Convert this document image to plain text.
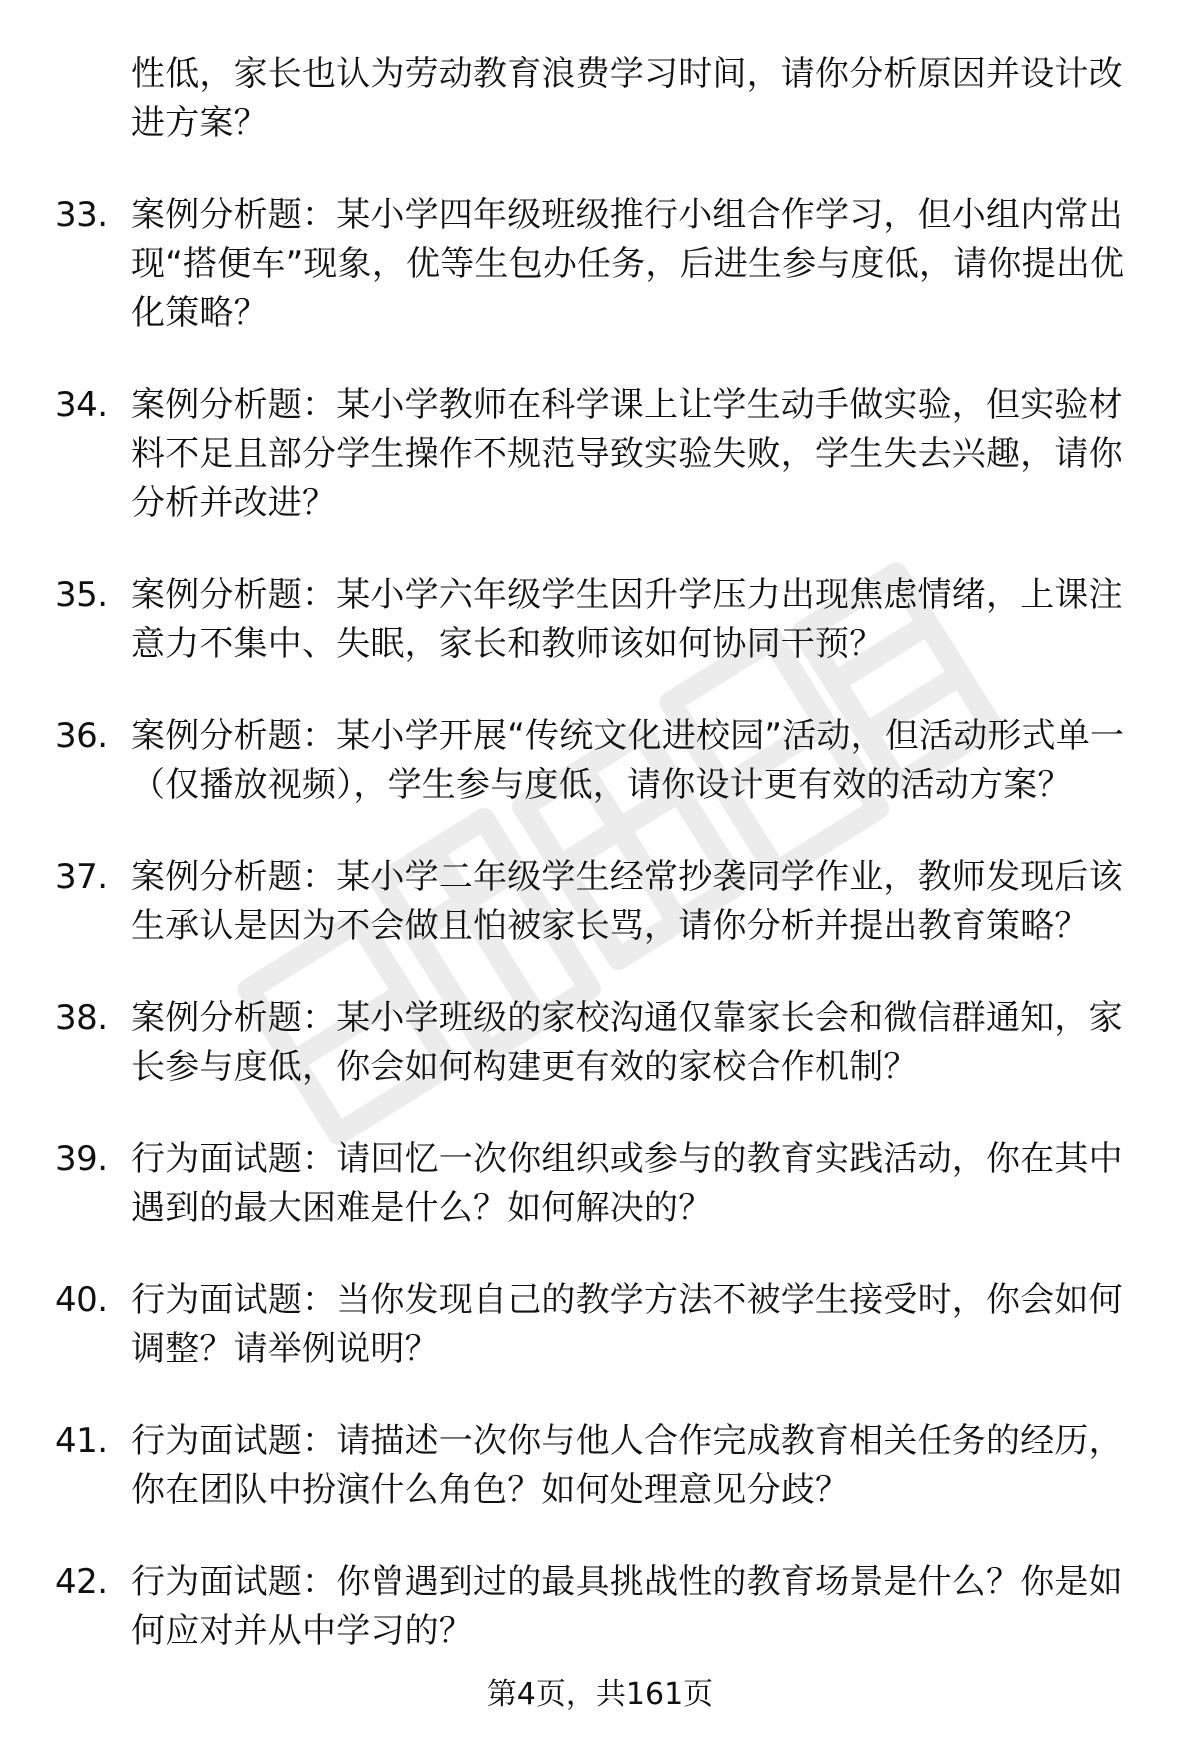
性低，家长也认为劳动教育浪费学习时间，请你分析原因并设计改进方案？
33. 案例分析题：某小学四年级班级推行小组合作学习，但小组内常出现“搭便车”现象，优等生包办任务，后进生参与度低，请你提出优化策略？
34. 案例分析题：某小学教师在科学课上让学生动手做实验，但实验材料不足且部分学生操作不规范导致实验失败，学生失去兴趣，请你分析并改进？
35. 案例分析题：某小学六年级学生因升学压力出现焦虑情绪，上课注意力不集中、失眠，家长和教师该如何协同干预？
36. 案例分析题：某小学开展“传统文化进校园”活动，但活动形式单一（仅播放视频），学生参与度低，请你设计更有效的活动方案？
37. 案例分析题：某小学二年级学生经常抄袭同学作业，教师发现后该生承认是因为不会做且怕被家长骂，请你分析并提出教育策略？
38. 案例分析题：某小学班级的家校沟通仅靠家长会和微信群通知，家长参与度低，你会如何构建更有效的家校合作机制？
39. 行为面试题：请回忆一次你组织或参与的教育实践活动，你在其中遇到的最大困难是什么？如何解决的？
40. 行为面试题：当你发现自己的教学方法不被学生接受时，你会如何调整？请举例说明？
41. 行为面试题：请描述一次你与他人合作完成教育相关任务的经历，你在团队中扮演什么角色？如何处理意见分歧？
42. 行为面试题：你曾遇到过的最具挑战性的教育场景是什么？你是如何应对并从中学习的？
第4页，共161页
